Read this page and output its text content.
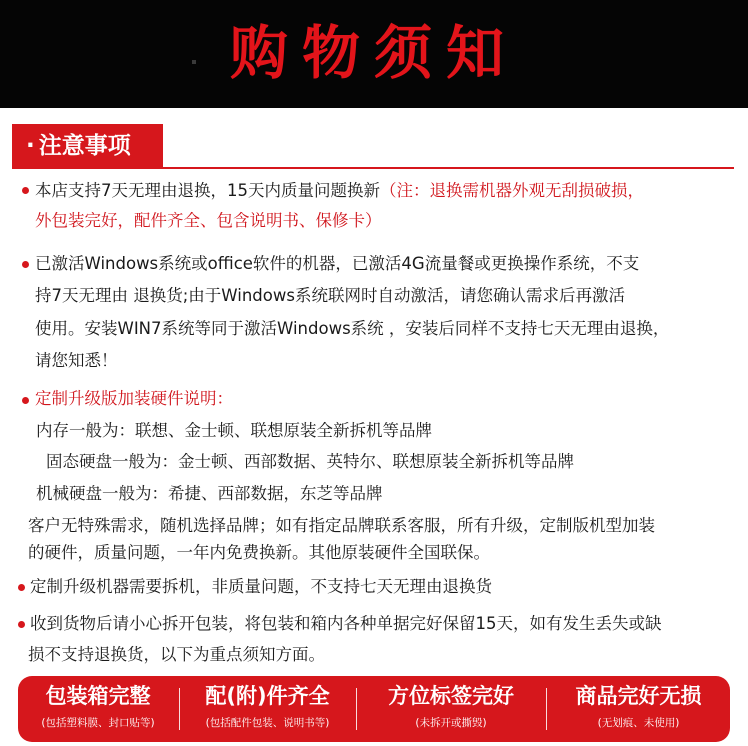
购物须知
· 注意事项
本店支持7天无理由退换，15天内质量问题换新（注：退换需机器外观无刮损破损，
外包装完好，配件齐全、包含说明书、保修卡）
已激活Windows系统或office软件的机器，已激活4G流量餐或更换操作系统，不支
持7天无理由 退换货;由于Windows系统联网时自动激活，请您确认需求后再激活
使用。安装WIN7系统等同于激活Windows系统 ，安装后同样不支持七天无理由退换，
请您知悉！
定制升级版加装硬件说明：
内存一般为：联想、金士顿、联想原装全新拆机等品牌
固态硬盘一般为：金士顿、西部数据、英特尔、联想原装全新拆机等品牌
机械硬盘一般为：希捷、西部数据，东芝等品牌
客户无特殊需求，随机选择品牌；如有指定品牌联系客服，所有升级，定制版机型加装
的硬件，质量问题，一年内免费换新。其他原装硬件全国联保。
定制升级机器需要拆机，非质量问题，不支持七天无理由退换货
收到货物后请小心拆开包装，将包装和箱内各种单据完好保留15天，如有发生丢失或缺
损不支持退换货，以下为重点须知方面。
包装箱完整
(包括塑料膜、封口贴等)
配(附)件齐全
(包括配件包装、说明书等)
方位标签完好
(未拆开或撕毁)
商品完好无损
(无划痕、未使用)
